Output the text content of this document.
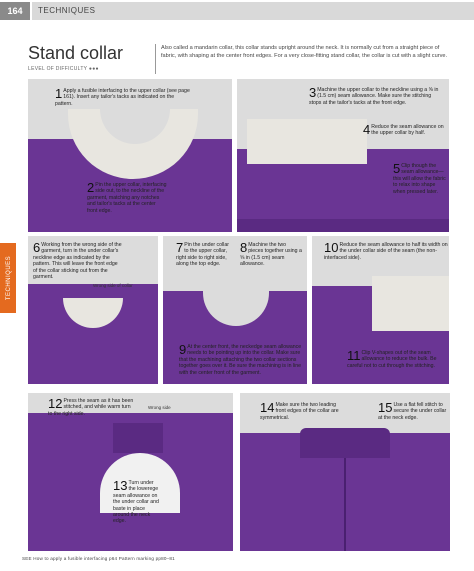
164	TECHNIQUES
TECHNIQUES
Stand collar
LEVEL OF DIFFICULTY ●●●
Also called a mandarin collar, this collar stands upright around the neck. It is normally cut from a straight piece of fabric, with shaping at the center front edges. For a very close-fitting stand collar, the collar is cut with a slight curve.
1 Apply a fusible interfacing to the upper collar (see page 161). Insert any tailor's tacks as indicated on the pattern.
2 Pin the upper collar, interfacing side out, to the neckline of the garment, matching any notches and tailor's tacks at the center front edge.
3 Machine the upper collar to the neckline using a ⅝ in (1.5 cm) seam allowance. Make sure the stitching stops at the tailor's tacks at the front edge.
4 Reduce the seam allowance on the upper collar by half.
5 Clip though the seam allowance—this will allow the fabric to relax into shape when pressed later.
6 Working from the wrong side of the garment, turn in the under collar's neckline edge as indicated by the pattern. This will leave the front edge of the collar sticking out from the garment.
Wrong side of collar
7 Pin the under collar to the upper collar, right side to right side, along the top edge.
8 Machine the two pieces together using a ⅝ in (1.5 cm) seam allowance.
9 At the center front, the neckedge seam allowance needs to be pointing up into the collar. Make sure that the machining attaching the two collar sections together goes over it. Be sure the machining is in line with the center front of the garment.
10 Reduce the seam allowance to half its width on the under collar side of the seam (the non-interfaced side).
11 Clip V-shapes out of the seam allowance to reduce the bulk. Be careful not to cut through the stitching.
12 Press the seam as it has been stitched, and while warm turn to the right side.
Wrong side
13 Turn under the lowerege seam allowance on the under collar and baste in place around the neck edge.
14 Make sure the two leading front edges of the collar are symmetrical.
15 Use a flat fell stitch to secure the under collar at the neck edge.
SEE How to apply a fusible interfacing p64 Pattern marking pp80–81
